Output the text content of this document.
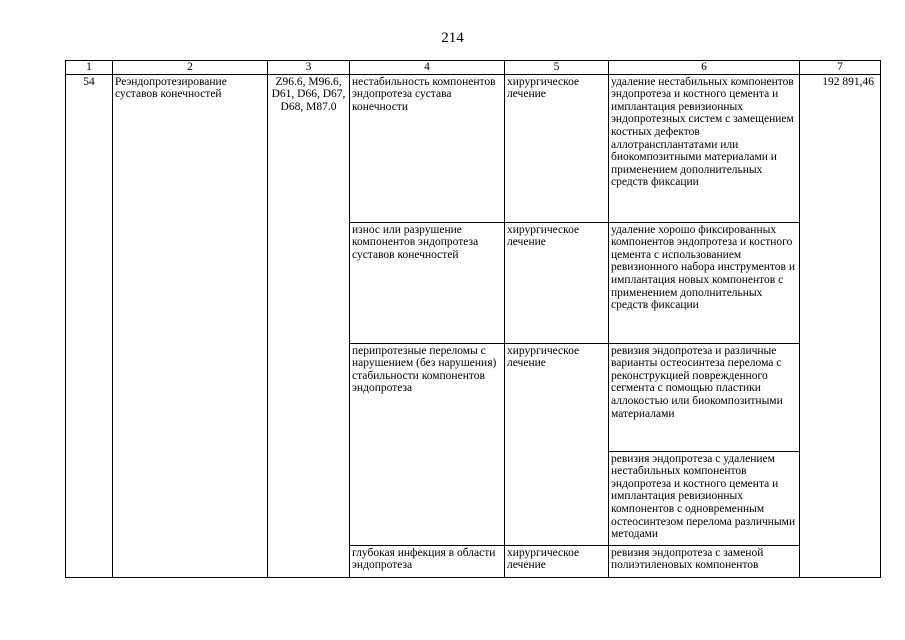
214
1	2	3	4	5	6	7
54	Реэндопротезирование суставов конечностей	Z96.6, M96.6, D61, D66, D67, D68, M87.0	нестабильность компонентов эндопротеза сустава конечности	хирургическое лечение	удаление нестабильных компонентов эндопротеза и костного цемента и имплантация ревизионных эндопротезных систем с замещением костных дефектов аллотрансплантатами или биокомпозитными материалами и применением дополнительных средств фиксации	192 891,46
			износ или разрушение компонентов эндопротеза суставов конечностей	хирургическое лечение	удаление хорошо фиксированных компонентов эндопротеза и костного цемента с использованием ревизионного набора инструментов и имплантация новых компонентов с применением дополнительных средств фиксации	
			перипротезные переломы с нарушением (без нарушения) стабильности компонентов эндопротеза	хирургическое лечение	ревизия эндопротеза и различные варианты остеосинтеза перелома с реконструкцией поврежденного сегмента с помощью пластики аллокостью или биокомпозитными материалами	
					ревизия эндопротеза с удалением нестабильных компонентов эндопротеза и костного цемента и имплантация ревизионных компонентов с одновременным остеосинтезом перелома различными методами	
			глубокая инфекция в области эндопротеза	хирургическое лечение	ревизия эндопротеза с заменой полиэтиленовых компонентов	
